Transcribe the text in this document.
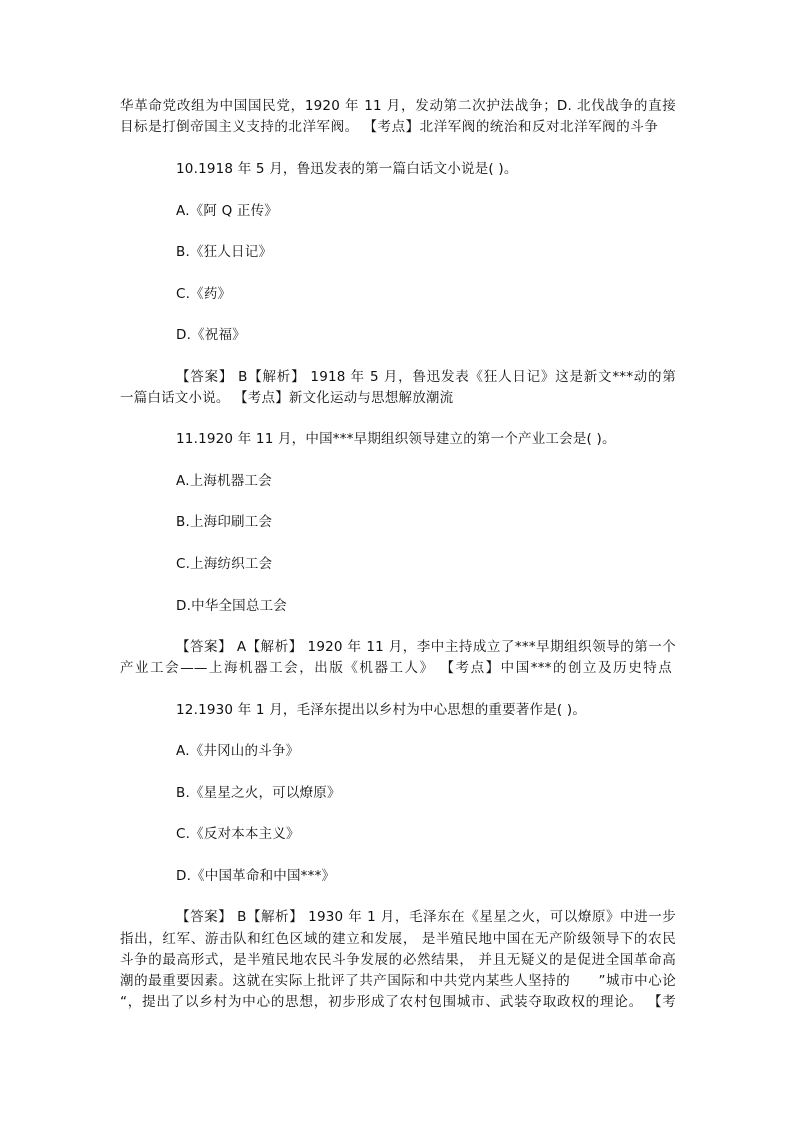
华革命党改组为中国国民党，1920 年 11 月，发动第二次护法战争；D. 北伐战争的直接
目标是打倒帝国主义支持的北洋军阀。 【考点】北洋军阀的统治和反对北洋军阀的斗争
10.1918 年 5 月，鲁迅发表的第一篇白话文小说是( )。
A.《阿 Q 正传》
B.《狂人日记》
C.《药》
D.《祝福》
【答案】 B【解析】 1918 年 5 月，鲁迅发表《狂人日记》这是新文***动的第
一篇白话文小说。 【考点】新文化运动与思想解放潮流
11.1920 年 11 月，中国***早期组织领导建立的第一个产业工会是( )。
A.上海机器工会
B.上海印刷工会
C.上海纺织工会
D.中华全国总工会
【答案】 A【解析】 1920 年 11 月，李中主持成立了***早期组织领导的第一个
产业工会——上海机器工会，出版《机器工人》 【考点】中国***的创立及历史特点
12.1930 年 1 月，毛泽东提出以乡村为中心思想的重要著作是( )。
A.《井冈山的斗争》
B.《星星之火，可以燎原》
C.《反对本本主义》
D.《中国革命和中国***》
【答案】 B【解析】 1930 年 1 月，毛泽东在《星星之火，可以燎原》中进一步
指出，红军、游击队和红色区域的建立和发展， 是半殖民地中国在无产阶级领导下的农民
斗争的最高形式，是半殖民地农民斗争发展的必然结果， 并且无疑义的是促进全国革命高
潮的最重要因素。这就在实际上批评了共产国际和中共党内某些人坚持的　　”城市中心论
“，提出了以乡村为中心的思想，初步形成了农村包围城市、武装夺取政权的理论。 【考
